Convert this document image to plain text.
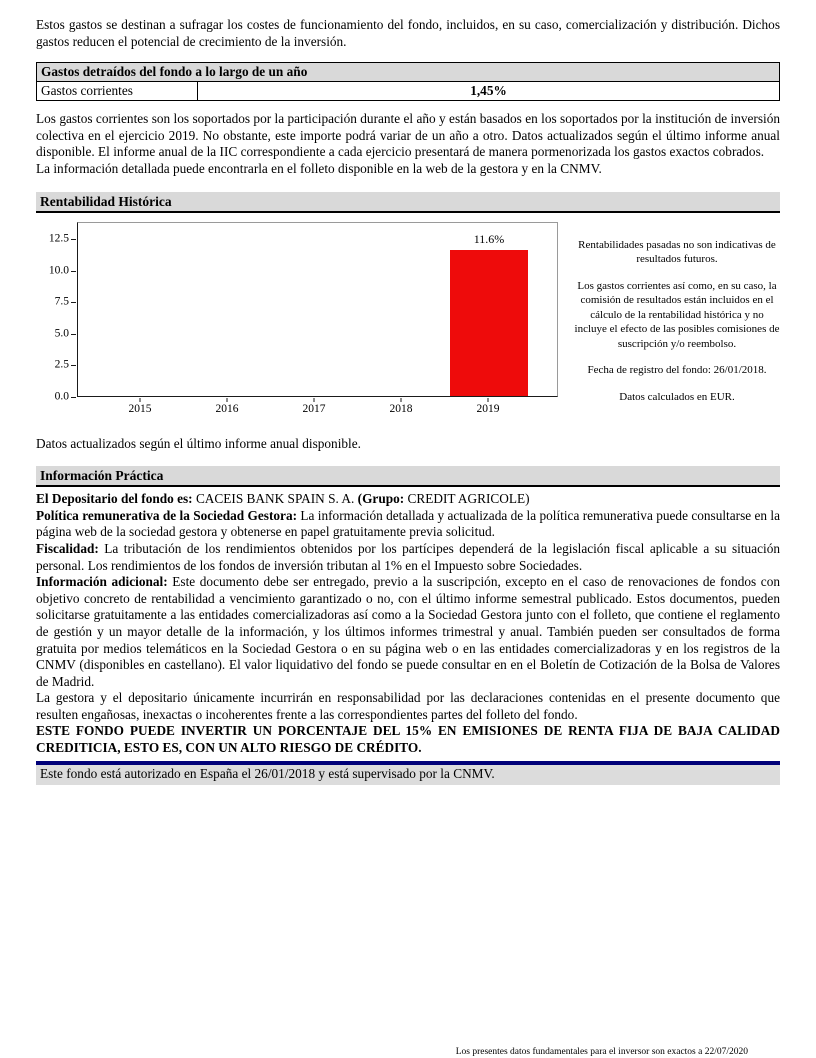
Estos gastos se destinan a sufragar los costes de funcionamiento del fondo, incluidos, en su caso, comercialización y distribución. Dichos gastos reducen el potencial de crecimiento de la inversión.

Gastos detraídos del fondo a lo largo de un año
Gastos corrientes	1,45%

Los gastos corrientes son los soportados por la participación durante el año y están basados en los soportados por la institución de inversión colectiva en el ejercicio 2019. No obstante, este importe podrá variar de un año a otro. Datos actualizados según el último informe anual disponible. El informe anual de la IIC correspondiente a cada ejercicio presentará de manera pormenorizada los gastos exactos cobrados.

La información detallada puede encontrarla en el folleto disponible en la web de la gestora y en la CNMV.

Rentabilidad Histórica
11.6%
0.0
2.5
5.0
7.5
10.0
12.5
2015	2016	2017	2018	2019
Rentabilidades pasadas no son indicativas de resultados futuros.
Los gastos corrientes así como, en su caso, la comisión de resultados están incluidos en el cálculo de la rentabilidad histórica y no incluye el efecto de las posibles comisiones de suscripción y/o reembolso.
Fecha de registro del fondo: 26/01/2018.
Datos calculados en EUR.

Datos actualizados según el último informe anual disponible.

Información Práctica

El Depositario del fondo es: CACEIS BANK SPAIN S. A. (Grupo: CREDIT AGRICOLE)

Política remunerativa de la Sociedad Gestora: La información detallada y actualizada de la política remunerativa puede consultarse en la página web de la sociedad gestora y obtenerse en papel gratuitamente previa solicitud.

Fiscalidad: La tributación de los rendimientos obtenidos por los partícipes dependerá de la legislación fiscal aplicable a su situación personal. Los rendimientos de los fondos de inversión tributan al 1% en el Impuesto sobre Sociedades.

Información adicional: Este documento debe ser entregado, previo a la suscripción, excepto en el caso de renovaciones de fondos con objetivo concreto de rentabilidad a vencimiento garantizado o no, con el último informe semestral publicado. Estos documentos, pueden solicitarse gratuitamente a las entidades comercializadoras así como a la Sociedad Gestora junto con el folleto, que contiene el reglamento de gestión y un mayor detalle de la información, y los últimos informes trimestral y anual. También pueden ser consultados de forma gratuita por medios telemáticos en la Sociedad Gestora o en su página web o en las entidades comercializadoras y en los registros de la CNMV (disponibles en castellano). El valor liquidativo del fondo se puede consultar en en el Boletín de Cotización de la Bolsa de Valores de Madrid.

La gestora y el depositario únicamente incurrirán en responsabilidad por las declaraciones contenidas en el presente documento que resulten engañosas, inexactas o incoherentes frente a las correspondientes partes del folleto del fondo.

ESTE FONDO PUEDE INVERTIR UN PORCENTAJE DEL 15% EN EMISIONES DE RENTA FIJA DE BAJA CALIDAD CREDITICIA, ESTO ES, CON UN ALTO RIESGO DE CRÉDITO.

Este fondo está autorizado en España el 26/01/2018 y está supervisado por la CNMV.
Los presentes datos fundamentales para el inversor son exactos a 22/07/2020
